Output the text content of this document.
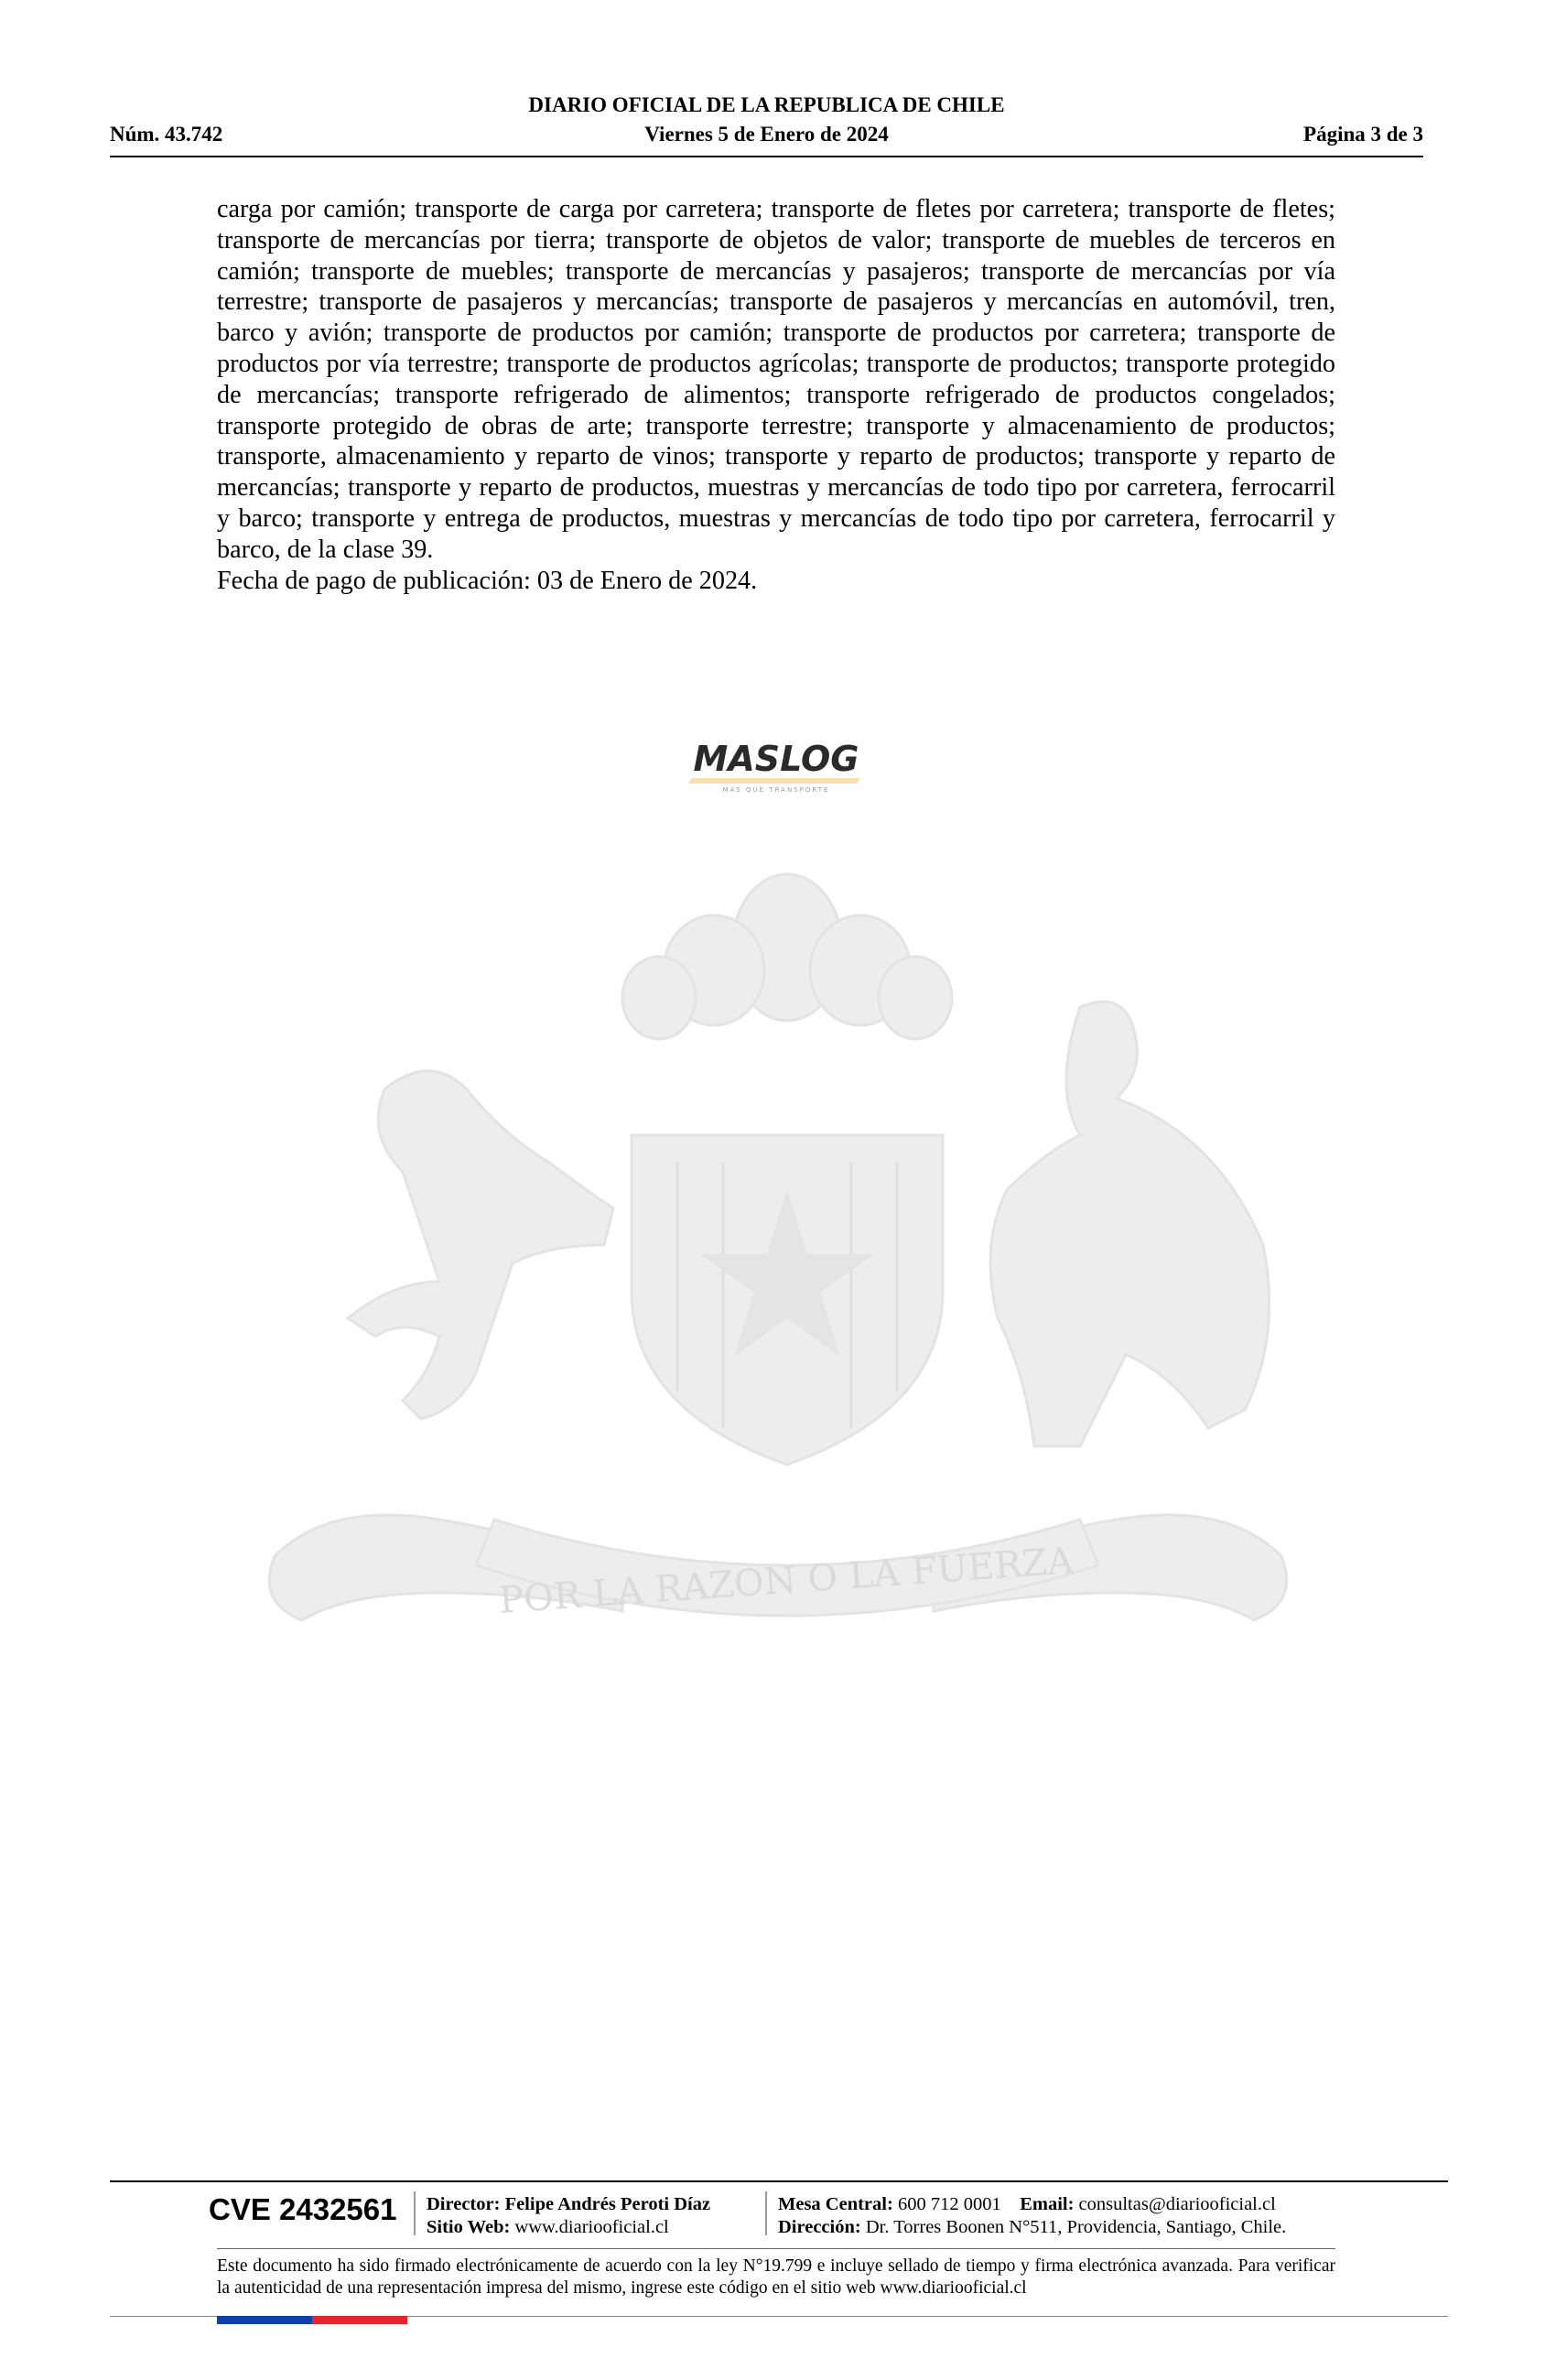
DIARIO OFICIAL DE LA REPUBLICA DE CHILE
Núm. 43.742	Viernes 5 de Enero de 2024	Página 3 de 3

carga por camión; transporte de carga por carretera; transporte de fletes por carretera; transporte de fletes; transporte de mercancías por tierra; transporte de objetos de valor; transporte de muebles de terceros en camión; transporte de muebles; transporte de mercancías y pasajeros; transporte de mercancías por vía terrestre; transporte de pasajeros y mercancías; transporte de pasajeros y mercancías en automóvil, tren, barco y avión; transporte de productos por camión; transporte de productos por carretera; transporte de productos por vía terrestre; transporte de productos agrícolas; transporte de productos; transporte protegido de mercancías; transporte refrigerado de alimentos; transporte refrigerado de productos congelados; transporte protegido de obras de arte; transporte terrestre; transporte y almacenamiento de productos; transporte, almacenamiento y reparto de vinos; transporte y reparto de productos; transporte y reparto de mercancías; transporte y reparto de productos, muestras y mercancías de todo tipo por carretera, ferrocarril y barco; transporte y entrega de productos, muestras y mercancías de todo tipo por carretera, ferrocarril y barco, de la clase 39.

Fecha de pago de publicación: 03 de Enero de 2024.

MASLOG
MAS QUE TRANSPORTE
POR LA RAZON O LA FUERZA
CVE 2432561 Director: Felipe Andrés Peroti Díaz
Sitio Web: www.diariooficial.cl
Mesa Central: 600 712 0001 Email: consultas@diariooficial.cl
Dirección: Dr. Torres Boonen N°511, Providencia, Santiago, Chile.
Este documento ha sido firmado electrónicamente de acuerdo con la ley N°19.799 e incluye sellado de tiempo y firma electrónica avanzada. Para verificar la autenticidad de una representación impresa del mismo, ingrese este código en el sitio web www.diariooficial.cl
